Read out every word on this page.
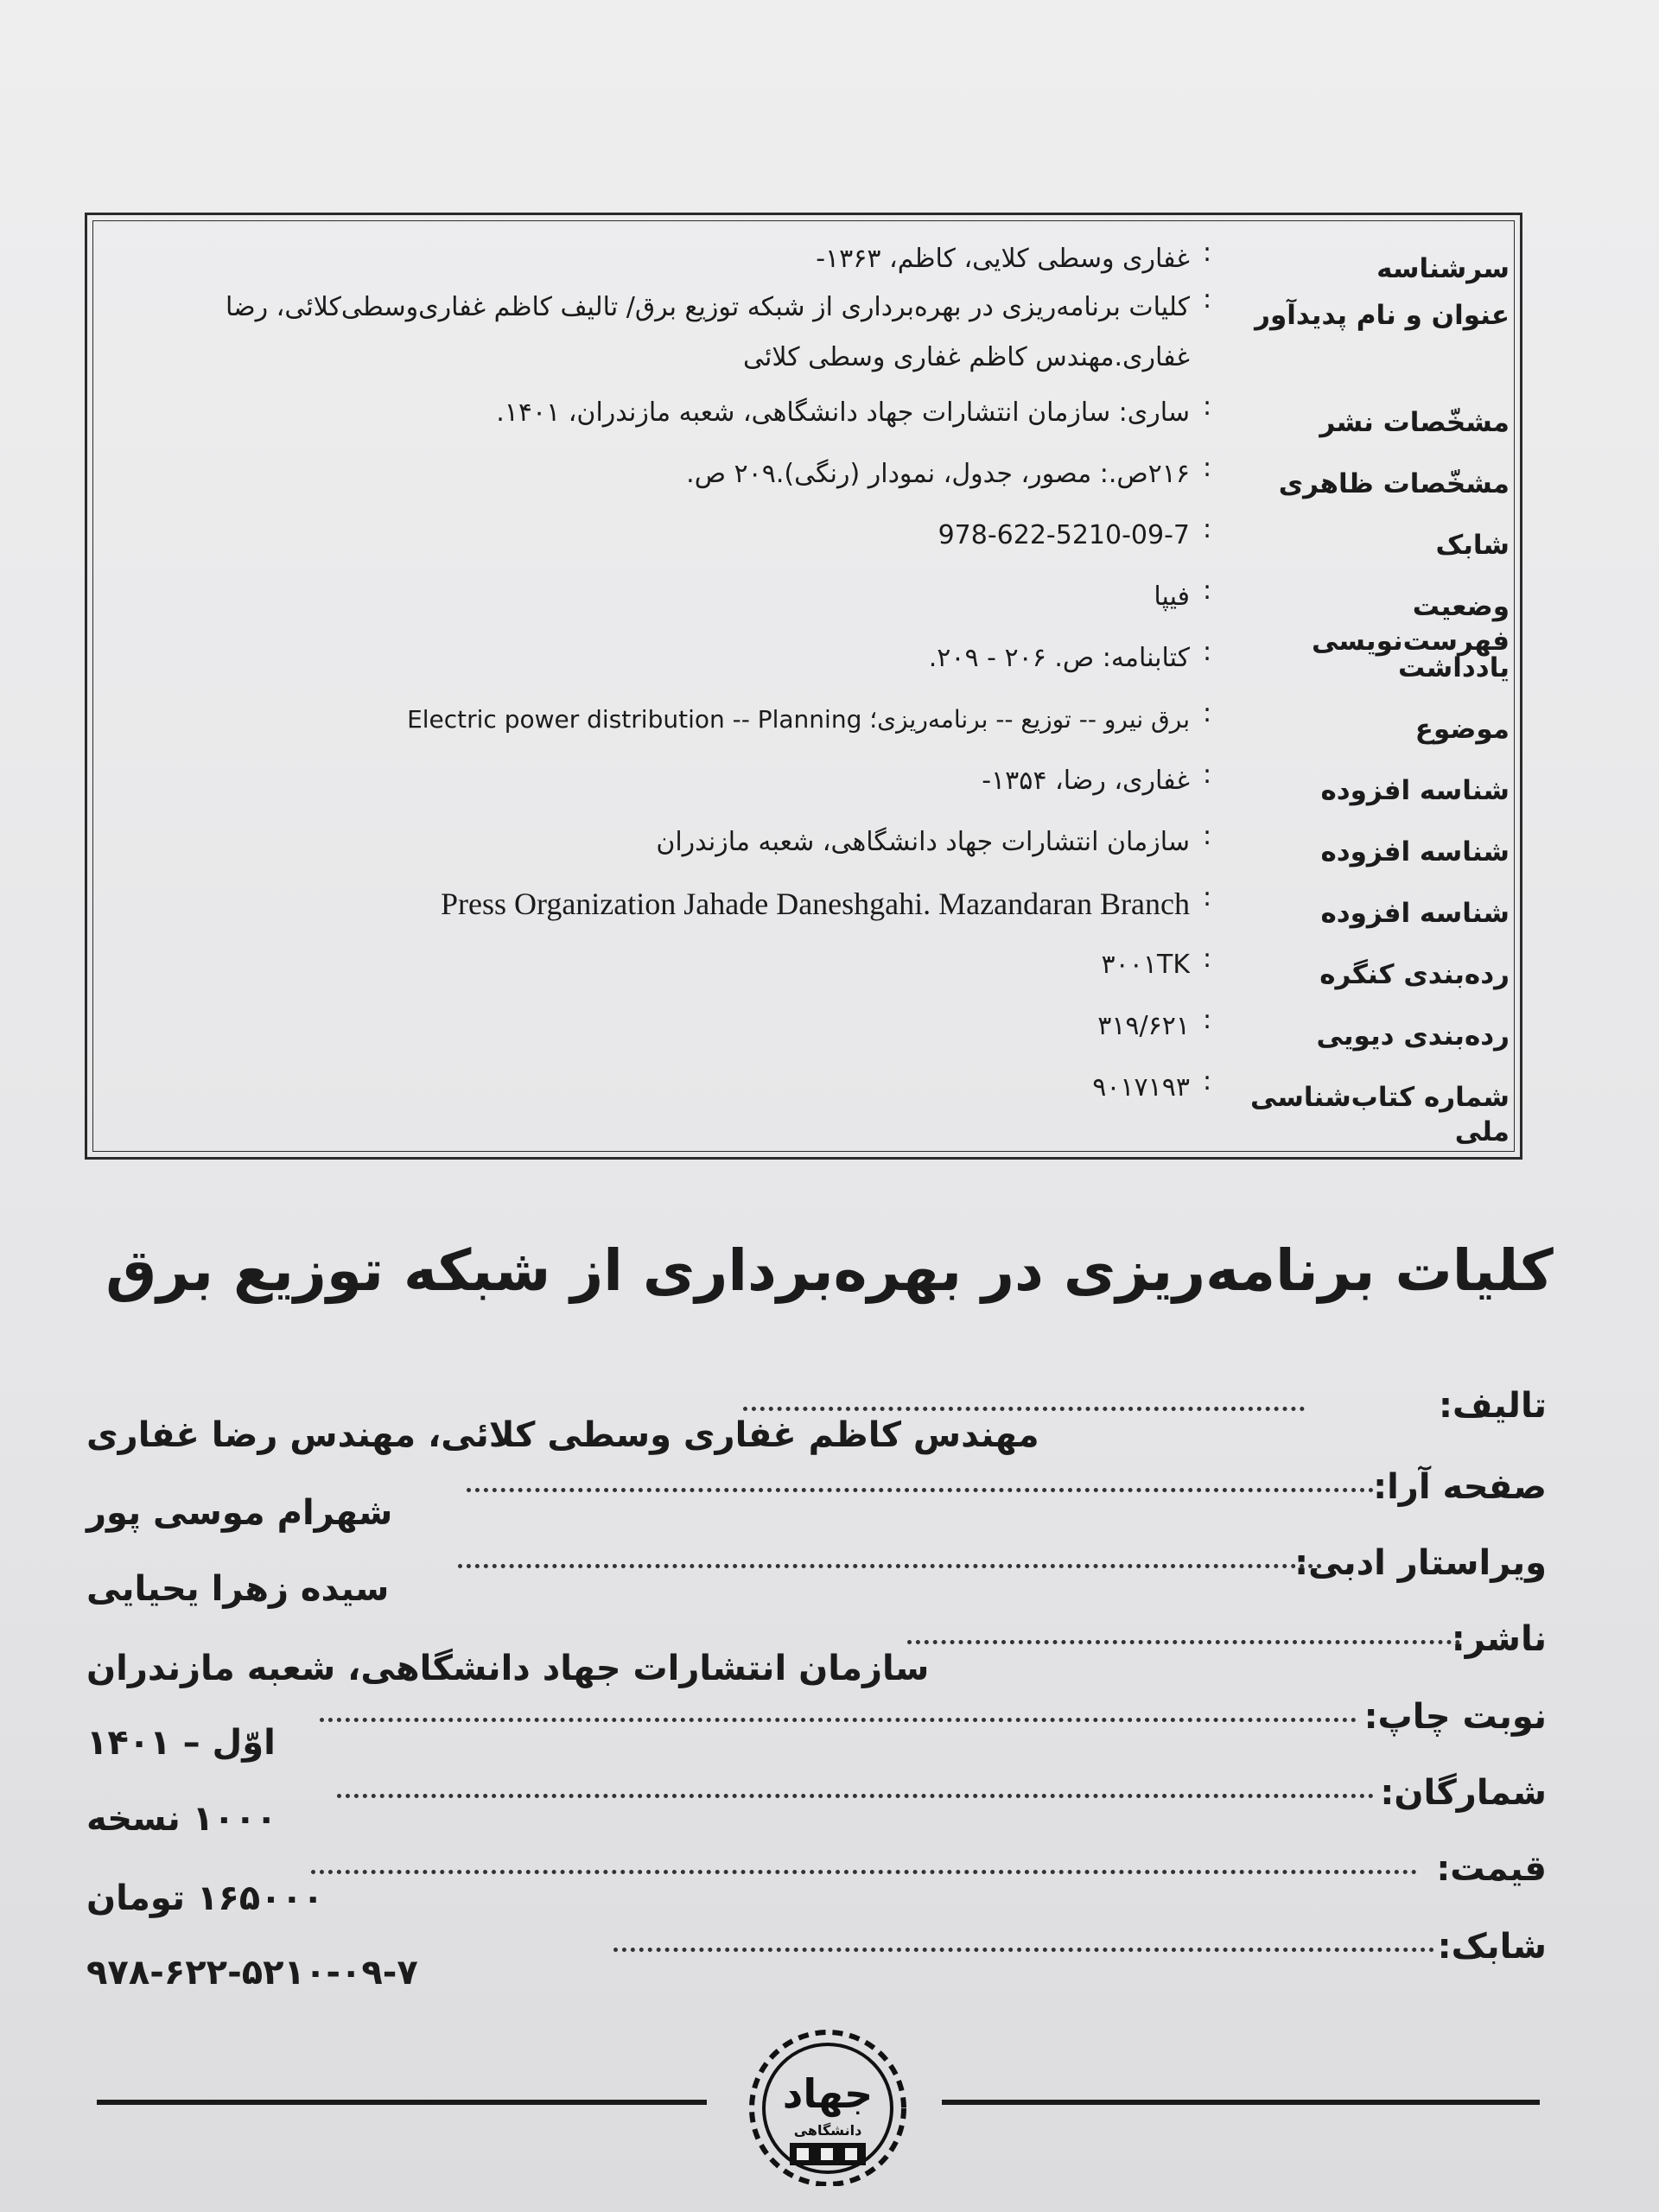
سرشناسه
:
غفاری وسطی کلایی، کاظم، ۱۳۶۳-
عنوان و نام پدیدآور
:
کلیات برنامه‌ریزی در بهره‌برداری از شبکه توزیع برق/ تالیف کاظم غفاری‌وسطی‌کلائی، رضا غفاری.مهندس کاظم غفاری وسطی کلائی
مشخّصات نشر
:
ساری: سازمان انتشارات جهاد دانشگاهی، شعبه مازندران، ۱۴۰۱.
مشخّصات ظاهری
:
۲۱۶ص.: مصور، جدول، نمودار (رنگی).۲۰۹ ص.
شابک
:
978-622-5210-09-7
وضعیت فهرست‌نویسی
:
فیپا
یادداشت
:
کتابنامه: ص. ۲۰۶ - ۲۰۹.
موضوع
:
برق نیرو -- توزیع -- برنامه‌ریزی؛ Electric power distribution -- Planning
شناسه افزوده
:
غفاری، رضا، ۱۳۵۴-
شناسه افزوده
:
سازمان انتشارات جهاد دانشگاهی، شعبه مازندران
شناسه افزوده
:
Press Organization Jahade Daneshgahi. Mazandaran Branch
رده‌بندی کنگره
:
۳۰۰۱TK
رده‌بندی دیویی
:
۳۱۹/۶۲۱
شماره کتاب‌شناسی ملی
:
۹۰۱۷۱۹۳
کلیات برنامه‌ریزی در بهره‌برداری از شبکه توزیع برق
تالیف:
مهندس کاظم غفاری وسطی کلائی، مهندس رضا غفاری
صفحه آرا:
شهرام موسی پور
ویراستار ادبی:
سیده زهرا یحیایی
ناشر:
سازمان انتشارات جهاد دانشگاهی، شعبه مازندران
نوبت چاپ:
اوّل – ۱۴۰۱
شمارگان:
۱۰۰۰ نسخه
قیمت:
۱۶۵۰۰۰ تومان
شابک:
۹۷۸-۶۲۲-۵۲۱۰-۰۹-۷
جهاد
دانشگاهی
